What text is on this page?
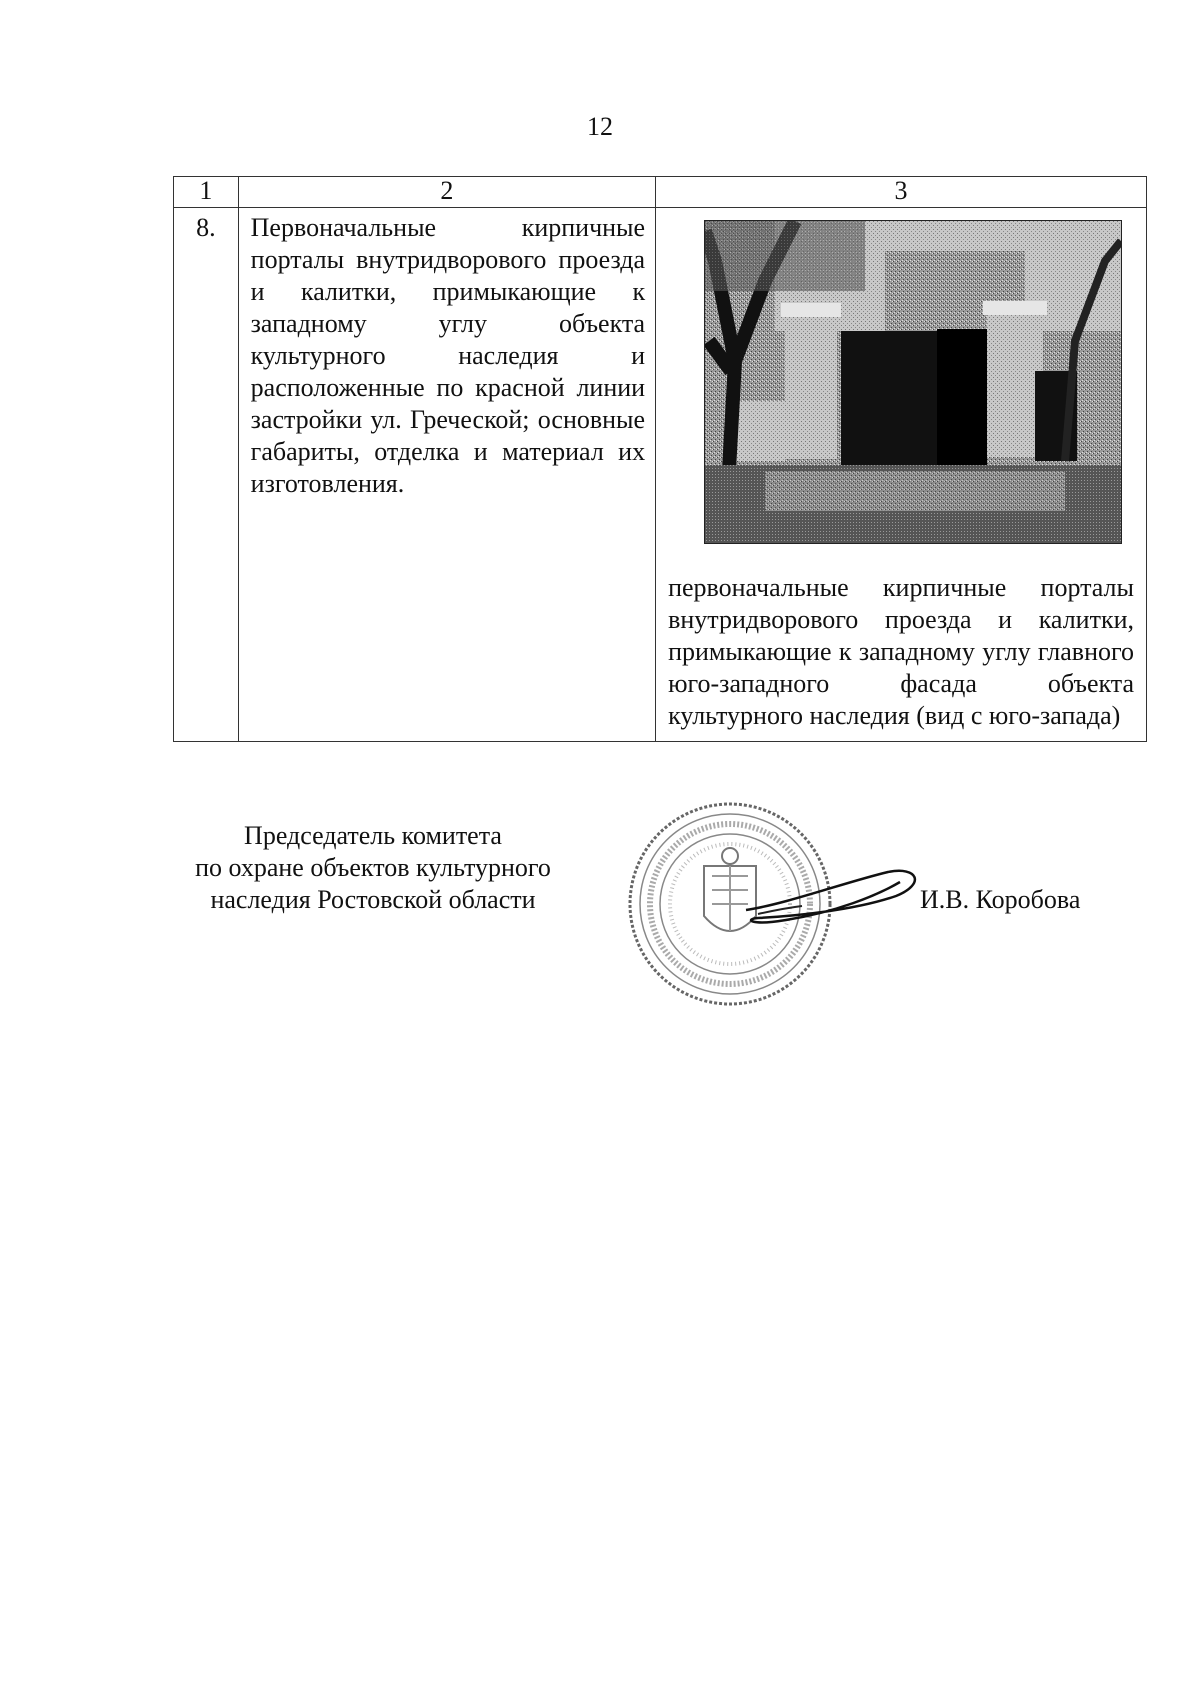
12
1	2	3
8.	Первоначальные кирпичные порталы внутридворового проезда и калитки, примыкающие к западному углу объекта культурного наследия и расположенные по красной линии застройки ул. Греческой; основные габариты, отделка и материал их изготовления.	первоначальные кирпичные порталы внутридворового проезда и калитки, примыкающие к западному углу главного юго-западного фасада объекта культурного наследия (вид с юго-запада)
Председатель комитета
по охране объектов культурного
наследия Ростовской области	И.В. Коробова
